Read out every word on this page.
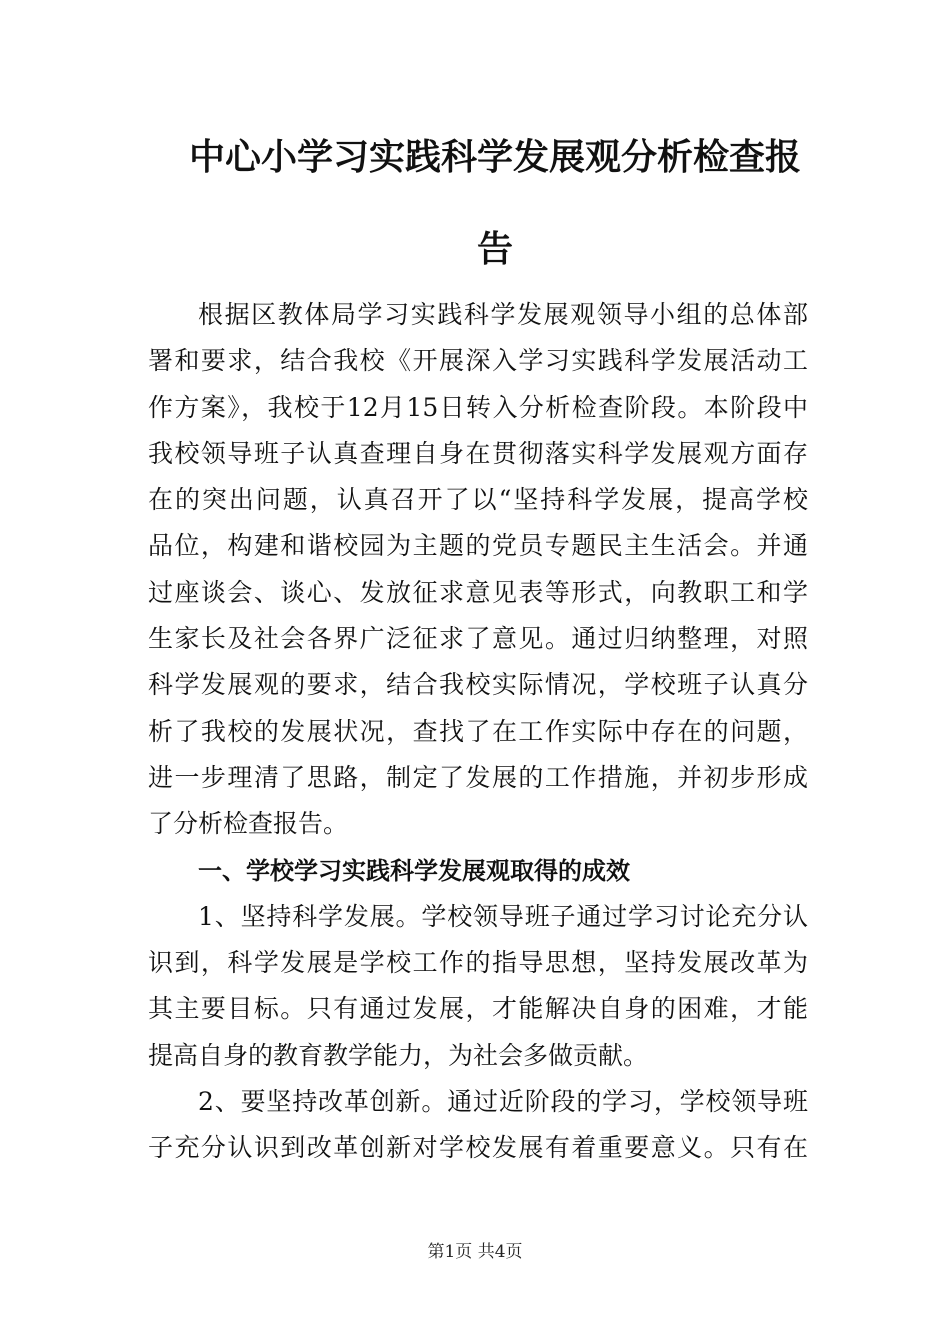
中心小学习实践科学发展观分析检查报
告
根据区教体局学习实践科学发展观领导小组的总体部
署和要求，结合我校《开展深入学习实践科学发展活动工
作方案》，我校于12月15日转入分析检查阶段。本阶段中
我校领导班子认真查理自身在贯彻落实科学发展观方面存
在的突出问题，认真召开了以“坚持科学发展，提高学校
品位，构建和谐校园为主题的党员专题民主生活会。并通
过座谈会、谈心、发放征求意见表等形式，向教职工和学
生家长及社会各界广泛征求了意见。通过归纳整理，对照
科学发展观的要求，结合我校实际情况，学校班子认真分
析了我校的发展状况，查找了在工作实际中存在的问题，
进一步理清了思路，制定了发展的工作措施，并初步形成
了分析检查报告。
一、学校学习实践科学发展观取得的成效
1、坚持科学发展。学校领导班子通过学习讨论充分认
识到，科学发展是学校工作的指导思想，坚持发展改革为
其主要目标。只有通过发展，才能解决自身的困难，才能
提高自身的教育教学能力，为社会多做贡献。
2、要坚持改革创新。通过近阶段的学习，学校领导班
子充分认识到改革创新对学校发展有着重要意义。只有在
第1页 共4页
